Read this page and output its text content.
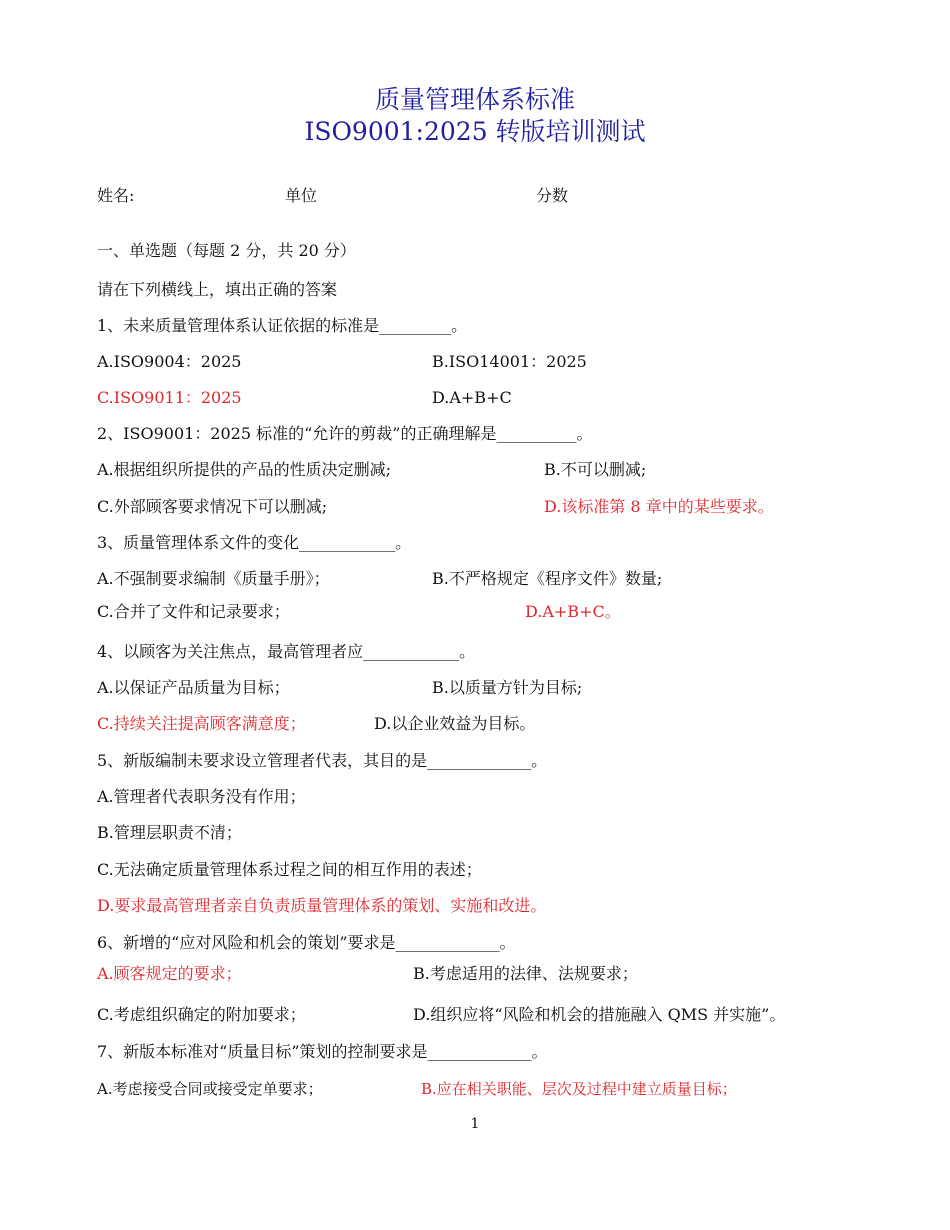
质量管理体系标准
ISO9001:2025 转版培训测试
姓名:	单位	分数
一、单选题（每题 2 分，共 20 分）
请在下列横线上，填出正确的答案
1、未来质量管理体系认证依据的标准是_________。
A.ISO9004：2025	B.ISO14001：2025
C.ISO9011：2025	D.A+B+C
2、ISO9001：2025 标准的“允许的剪裁”的正确理解是__________。
A.根据组织所提供的产品的性质决定删减;	B.不可以删减;
C.外部顾客要求情况下可以删减;	D.该标准第 8 章中的某些要求。
3、质量管理体系文件的变化____________。
A.不强制要求编制《质量手册》；	B.不严格规定《程序文件》数量;
C.合并了文件和记录要求；	D.A+B+C。
4、以顾客为关注焦点，最高管理者应____________。
A.以保证产品质量为目标；	B.以质量方针为目标;
C.持续关注提高顾客满意度；	D.以企业效益为目标。
5、新版编制未要求设立管理者代表，其目的是_____________。
A.管理者代表职务没有作用；
B.管理层职责不清；
C.无法确定质量管理体系过程之间的相互作用的表述；
D.要求最高管理者亲自负责质量管理体系的策划、实施和改进。
6、新增的“应对风险和机会的策划”要求是_____________。
A.顾客规定的要求；	B.考虑适用的法律、法规要求；
C.考虑组织确定的附加要求；	D.组织应将“风险和机会的措施融入 QMS 并实施”。
7、新版本标准对“质量目标”策划的控制要求是_____________。
A.考虑接受合同或接受定单要求；	B.应在相关职能、层次及过程中建立质量目标；
1
